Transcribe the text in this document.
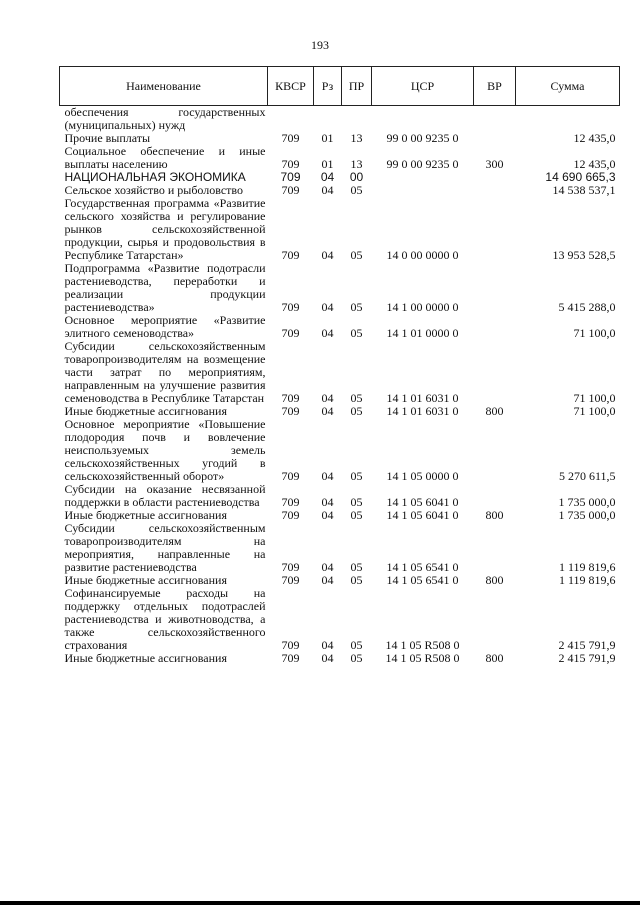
193
Наименование	КВСР	Рз	ПР	ЦСР	ВР	Сумма
обеспечения государственных (муниципальных) нужд						
Прочие выплаты	709	01	13	99 0 00 9235 0		12 435,0
Социальное обеспечение и иные выплаты населению	709	01	13	99 0 00 9235 0	300	12 435,0
НАЦИОНАЛЬНАЯ ЭКОНОМИКА	709	04	00			14 690 665,3
Сельское хозяйство и рыболовство	709	04	05			14 538 537,1
Государственная программа «Развитие сельского хозяйства и регулирование рынков сельскохозяйственной продукции, сырья и продовольствия в Республике Татарстан»	709	04	05	14 0 00 0000 0		13 953 528,5
Подпрограмма «Развитие подотрасли растениеводства, переработки и реализации продукции растениеводства»	709	04	05	14 1 00 0000 0		5 415 288,0
Основное мероприятие «Развитие элитного семеноводства»	709	04	05	14 1 01 0000 0		71 100,0
Субсидии сельскохозяйственным товаропроизводителям на возмещение части затрат по мероприятиям, направленным на улучшение развития семеноводства в Республике Татарстан	709	04	05	14 1 01 6031 0		71 100,0
Иные бюджетные ассигнования	709	04	05	14 1 01 6031 0	800	71 100,0
Основное мероприятие «Повышение плодородия почв и вовлечение неиспользуемых земель сельскохозяйственных угодий в сельскохозяйственный оборот»	709	04	05	14 1 05 0000 0		5 270 611,5
Субсидии на оказание несвязанной поддержки в области растениеводства	709	04	05	14 1 05 6041 0		1 735 000,0
Иные бюджетные ассигнования	709	04	05	14 1 05 6041 0	800	1 735 000,0
Субсидии сельскохозяйственным товаропроизводителям на мероприятия, направленные на развитие растениеводства	709	04	05	14 1 05 6541 0		1 119 819,6
Иные бюджетные ассигнования	709	04	05	14 1 05 6541 0	800	1 119 819,6
Софинансируемые расходы на поддержку отдельных подотраслей растениеводства и животноводства, а также сельскохозяйственного страхования	709	04	05	14 1 05 R508 0		2 415 791,9
Иные бюджетные ассигнования	709	04	05	14 1 05 R508 0	800	2 415 791,9
